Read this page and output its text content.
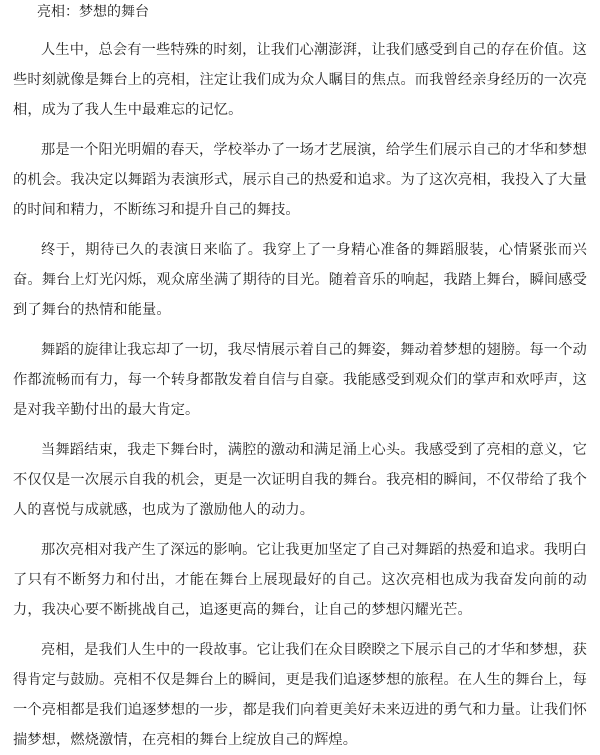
亮相：梦想的舞台

人生中，总会有一些特殊的时刻，让我们心潮澎湃，让我们感受到自己的存在价值。这些时刻就像是舞台上的亮相，注定让我们成为众人瞩目的焦点。而我曾经亲身经历的一次亮相，成为了我人生中最难忘的记忆。

那是一个阳光明媚的春天，学校举办了一场才艺展演，给学生们展示自己的才华和梦想的机会。我决定以舞蹈为表演形式，展示自己的热爱和追求。为了这次亮相，我投入了大量的时间和精力，不断练习和提升自己的舞技。

终于，期待已久的表演日来临了。我穿上了一身精心准备的舞蹈服装，心情紧张而兴奋。舞台上灯光闪烁，观众席坐满了期待的目光。随着音乐的响起，我踏上舞台，瞬间感受到了舞台的热情和能量。

舞蹈的旋律让我忘却了一切，我尽情展示着自己的舞姿，舞动着梦想的翅膀。每一个动作都流畅而有力，每一个转身都散发着自信与自豪。我能感受到观众们的掌声和欢呼声，这是对我辛勤付出的最大肯定。

当舞蹈结束，我走下舞台时，满腔的激动和满足涌上心头。我感受到了亮相的意义，它不仅仅是一次展示自我的机会，更是一次证明自我的舞台。我亮相的瞬间，不仅带给了我个人的喜悦与成就感，也成为了激励他人的动力。

那次亮相对我产生了深远的影响。它让我更加坚定了自己对舞蹈的热爱和追求。我明白了只有不断努力和付出，才能在舞台上展现最好的自己。这次亮相也成为我奋发向前的动力，我决心要不断挑战自己，追逐更高的舞台，让自己的梦想闪耀光芒。

亮相，是我们人生中的一段故事。它让我们在众目睽睽之下展示自己的才华和梦想，获得肯定与鼓励。亮相不仅是舞台上的瞬间，更是我们追逐梦想的旅程。在人生的舞台上，每一个亮相都是我们追逐梦想的一步，都是我们向着更美好未来迈进的勇气和力量。让我们怀揣梦想，燃烧激情，在亮相的舞台上绽放自己的辉煌。
